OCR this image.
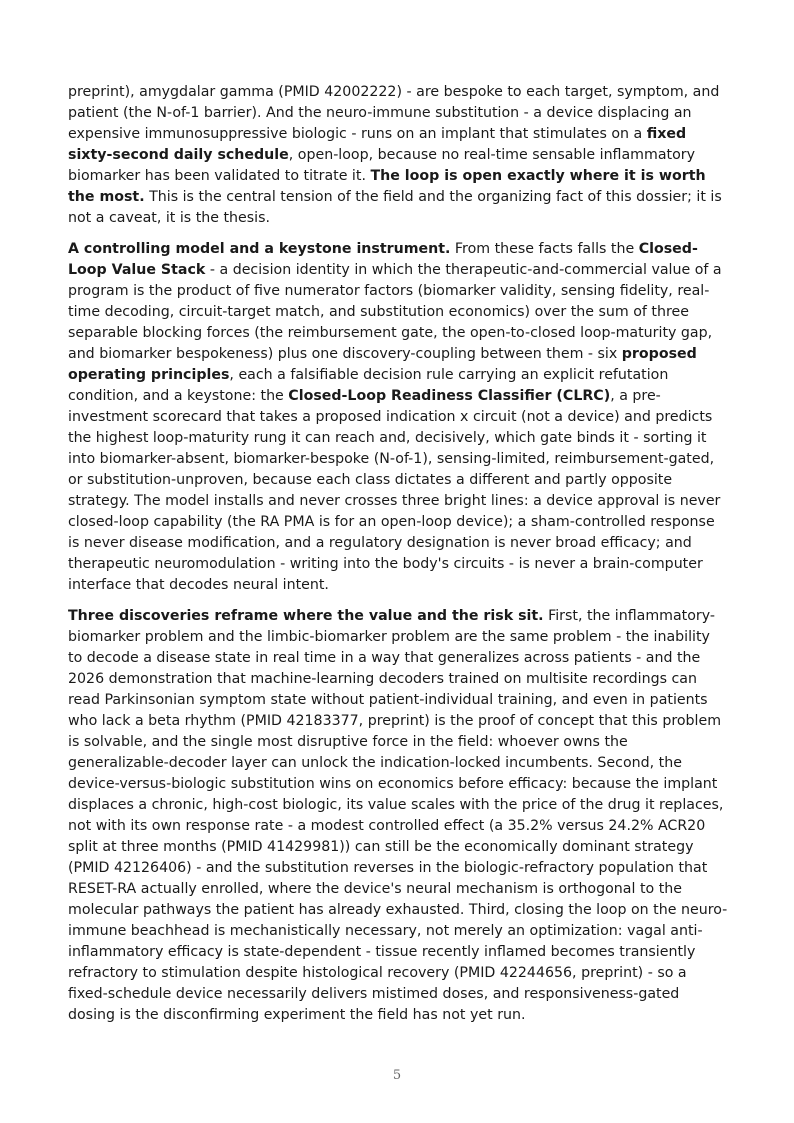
preprint), amygdalar gamma (PMID 42002222) - are bespoke to each target, symptom, and patient (the N-of-1 barrier). And the neuro-immune substitution - a device displacing an expensive immunosuppressive biologic - runs on an implant that stimulates on a fixed sixty-second daily schedule, open-loop, because no real-time sensable inflammatory biomarker has been validated to titrate it. The loop is open exactly where it is worth the most. This is the central tension of the field and the organizing fact of this dossier; it is not a caveat, it is the thesis.

A controlling model and a keystone instrument. From these facts falls the Closed-Loop Value Stack - a decision identity in which the therapeutic-and-commercial value of a program is the product of five numerator factors (biomarker validity, sensing fidelity, real-time decoding, circuit-target match, and substitution economics) over the sum of three separable blocking forces (the reimbursement gate, the open-to-closed loop-maturity gap, and biomarker bespokeness) plus one discovery-coupling between them - six proposed operating principles, each a falsifiable decision rule carrying an explicit refutation condition, and a keystone: the Closed-Loop Readiness Classifier (CLRC), a pre-investment scorecard that takes a proposed indication x circuit (not a device) and predicts the highest loop-maturity rung it can reach and, decisively, which gate binds it - sorting it into biomarker-absent, biomarker-bespoke (N-of-1), sensing-limited, reimbursement-gated, or substitution-unproven, because each class dictates a different and partly opposite strategy. The model installs and never crosses three bright lines: a device approval is never closed-loop capability (the RA PMA is for an open-loop device); a sham-controlled response is never disease modification, and a regulatory designation is never broad efficacy; and therapeutic neuromodulation - writing into the body's circuits - is never a brain-computer interface that decodes neural intent.

Three discoveries reframe where the value and the risk sit. First, the inflammatory-biomarker problem and the limbic-biomarker problem are the same problem - the inability to decode a disease state in real time in a way that generalizes across patients - and the 2026 demonstration that machine-learning decoders trained on multisite recordings can read Parkinsonian symptom state without patient-individual training, and even in patients who lack a beta rhythm (PMID 42183377, preprint) is the proof of concept that this problem is solvable, and the single most disruptive force in the field: whoever owns the generalizable-decoder layer can unlock the indication-locked incumbents. Second, the device-versus-biologic substitution wins on economics before efficacy: because the implant displaces a chronic, high-cost biologic, its value scales with the price of the drug it replaces, not with its own response rate - a modest controlled effect (a 35.2% versus 24.2% ACR20 split at three months (PMID 41429981)) can still be the economically dominant strategy (PMID 42126406) - and the substitution reverses in the biologic-refractory population that RESET-RA actually enrolled, where the device's neural mechanism is orthogonal to the molecular pathways the patient has already exhausted. Third, closing the loop on the neuro-immune beachhead is mechanistically necessary, not merely an optimization: vagal anti-inflammatory efficacy is state-dependent - tissue recently inflamed becomes transiently refractory to stimulation despite histological recovery (PMID 42244656, preprint) - so a fixed-schedule device necessarily delivers mistimed doses, and responsiveness-gated dosing is the disconfirming experiment the field has not yet run.

5
